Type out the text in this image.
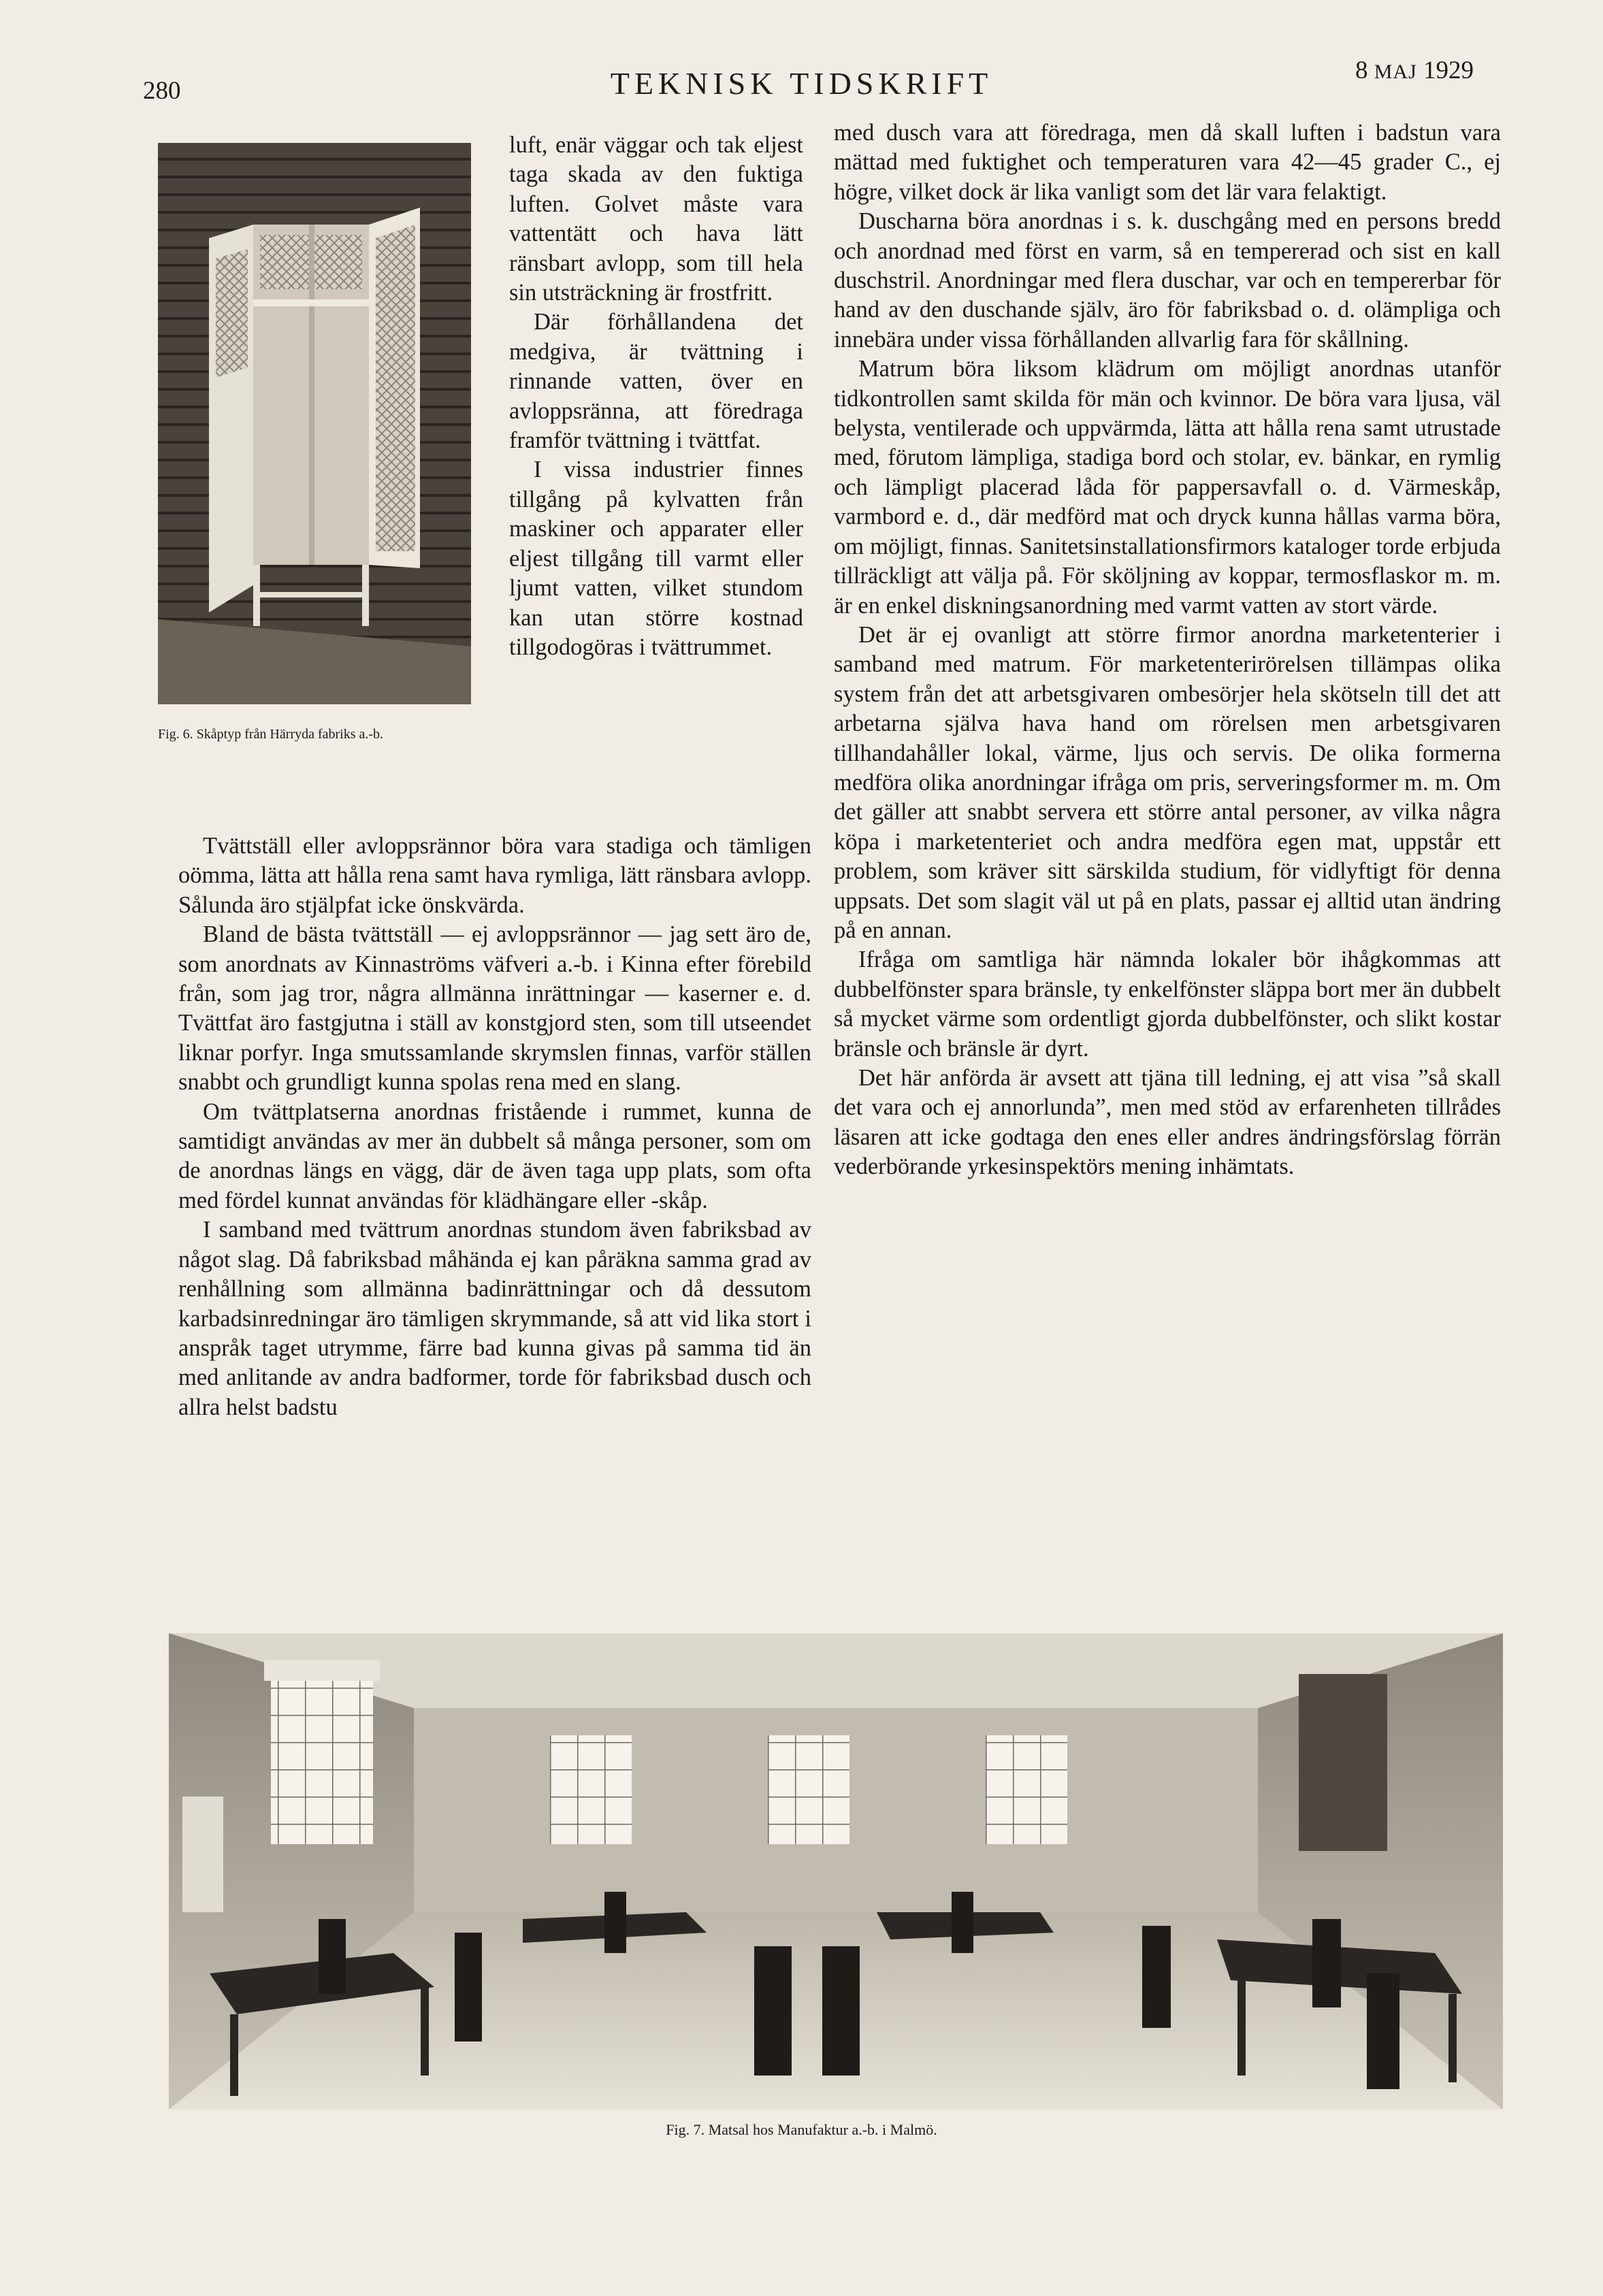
280	TEKNISK TIDSKRIFT	8 MAJ 1929
Fig. 6. Skåptyp från Härryda fabriks a.-b.

luft, enär väggar och tak eljest taga skada av den fuktiga luften. Golvet måste vara vattentätt och hava lätt ränsbart avlopp, som till hela sin utsträckning är frostfritt.

Där förhållandena det medgiva, är tvättning i rinnande vatten, över en avloppsränna, att föredraga framför tvättning i tvättfat.

I vissa industrier finnes tillgång på kylvatten från maskiner och apparater eller eljest tillgång till varmt eller ljumt vatten, vilket stundom kan utan större kostnad tillgodogöras i tvättrummet.

Tvättställ eller avloppsrännor böra vara stadiga och tämligen oömma, lätta att hålla rena samt hava rymliga, lätt ränsbara avlopp. Sålunda äro stjälpfat icke önskvärda.

Bland de bästa tvättställ — ej avloppsrännor — jag sett äro de, som anordnats av Kinnaströms väfveri a.-b. i Kinna efter förebild från, som jag tror, några allmänna inrättningar — kaserner e. d. Tvättfat äro fastgjutna i ställ av konstgjord sten, som till utseendet liknar porfyr. Inga smutssamlande skrymslen finnas, varför ställen snabbt och grundligt kunna spolas rena med en slang.

Om tvättplatserna anordnas fristående i rummet, kunna de samtidigt användas av mer än dubbelt så många personer, som om de anordnas längs en vägg, där de även taga upp plats, som ofta med fördel kunnat användas för klädhängare eller -skåp.

I samband med tvättrum anordnas stundom även fabriksbad av något slag. Då fabriksbad måhända ej kan påräkna samma grad av renhållning som allmänna badinrättningar och då dessutom karbadsinredningar äro tämligen skrymmande, så att vid lika stort i anspråk taget utrymme, färre bad kunna givas på samma tid än med anlitande av andra badformer, torde för fabriksbad dusch och allra helst badstu

med dusch vara att föredraga, men då skall luften i badstun vara mättad med fuktighet och temperaturen vara 42—45 grader C., ej högre, vilket dock är lika vanligt som det lär vara felaktigt.

Duscharna böra anordnas i s. k. duschgång med en persons bredd och anordnad med först en varm, så en tempererad och sist en kall duschstril. Anordningar med flera duschar, var och en tempererbar för hand av den duschande själv, äro för fabriksbad o. d. olämpliga och innebära under vissa förhållanden allvarlig fara för skållning.

Matrum böra liksom klädrum om möjligt anordnas utanför tidkontrollen samt skilda för män och kvinnor. De böra vara ljusa, väl belysta, ventilerade och uppvärmda, lätta att hålla rena samt utrustade med, förutom lämpliga, stadiga bord och stolar, ev. bänkar, en rymlig och lämpligt placerad låda för pappersavfall o. d. Värmeskåp, varmbord e. d., där medförd mat och dryck kunna hållas varma böra, om möjligt, finnas. Sanitetsinstallationsfirmors kataloger torde erbjuda tillräckligt att välja på. För sköljning av koppar, termosflaskor m. m. är en enkel diskningsanordning med varmt vatten av stort värde.

Det är ej ovanligt att större firmor anordna marketenterier i samband med matrum. För marketenterirörelsen tillämpas olika system från det att arbetsgivaren ombesörjer hela skötseln till det att arbetarna själva hava hand om rörelsen men arbetsgivaren tillhandahåller lokal, värme, ljus och servis. De olika formerna medföra olika anordningar ifråga om pris, serveringsformer m. m. Om det gäller att snabbt servera ett större antal personer, av vilka några köpa i marketenteriet och andra medföra egen mat, uppstår ett problem, som kräver sitt särskilda studium, för vidlyftigt för denna uppsats. Det som slagit väl ut på en plats, passar ej alltid utan ändring på en annan.

Ifråga om samtliga här nämnda lokaler bör ihågkommas att dubbelfönster spara bränsle, ty enkelfönster släppa bort mer än dubbelt så mycket värme som ordentligt gjorda dubbelfönster, och slikt kostar bränsle och bränsle är dyrt.

Det här anförda är avsett att tjäna till ledning, ej att visa ”så skall det vara och ej annorlunda”, men med stöd av erfarenheten tillrådes läsaren att icke godtaga den enes eller andres ändringsförslag förrän vederbörande yrkesinspektörs mening inhämtats.

Fig. 7. Matsal hos Manufaktur a.-b. i Malmö.
